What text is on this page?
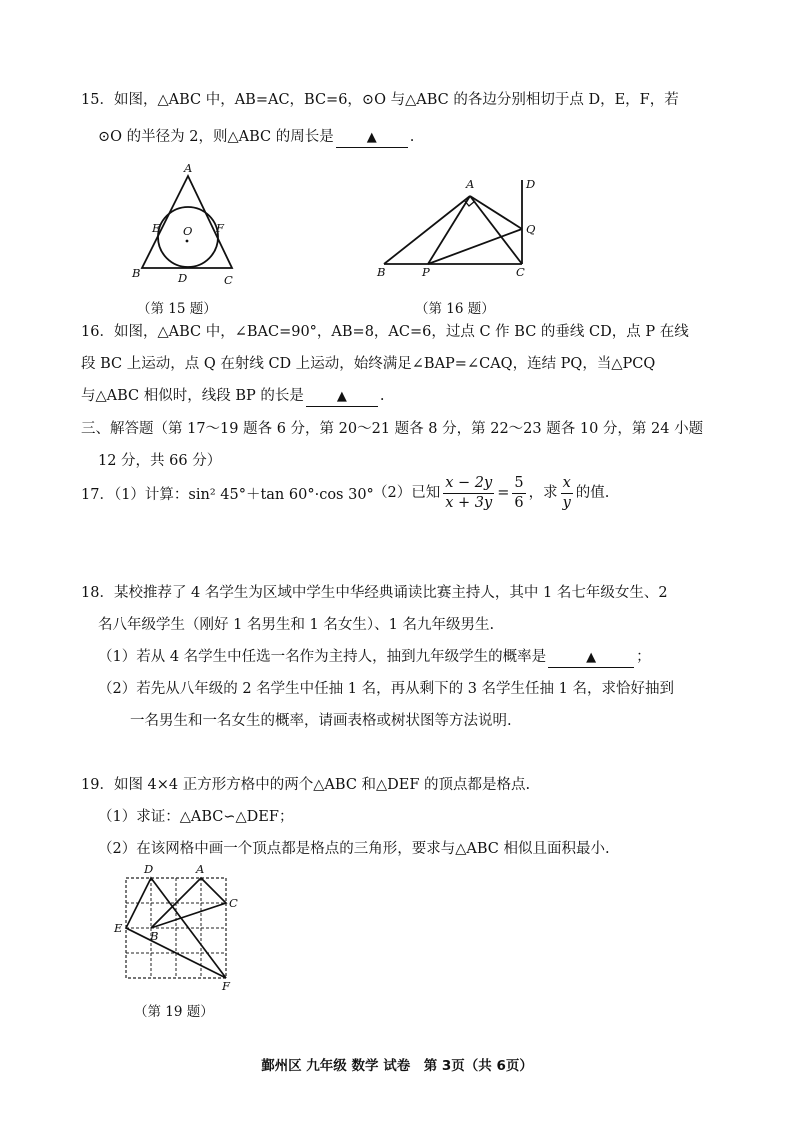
15．如图，△ABC 中，AB=AC，BC=6，⊙O 与△ABC 的各边分别相切于点 D，E，F，若
⊙O 的半径为 2，则△ABC 的周长是	▲ .
A
B	C
D
E	F
O
（第 15 题）
A
B	C
D
P
Q
（第 16 题）
16．如图，△ABC 中，∠BAC=90°，AB=8，AC=6，过点 C 作 BC 的垂线 CD，点 P 在线
段 BC 上运动，点 Q 在射线 CD 上运动，始终满足∠BAP=∠CAQ，连结 PQ，当△PCQ
与△ABC 相似时，线段 BP 的长是	▲ .
三、解答题（第 17～19 题各 6 分，第 20～21 题各 8 分，第 22～23 题各 10 分，第 24 小题
12 分，共 66 分）
17．（1）计算：sin² 45°＋tan 60°·cos 30° （2）已知 $\frac{x - 2y}{x + 3y} = \frac{5}{6}$ ，求 $\frac{x}{y}$ 的值.
18．某校推荐了 4 名学生为区域中学生中华经典诵读比赛主持人，其中 1 名七年级女生、2
名八年级学生（刚好 1 名男生和 1 名女生）、1 名九年级男生.
（1）若从 4 名学生中任选一名作为主持人，抽到九年级学生的概率是	▲	；
（2）若先从八年级的 2 名学生中任抽 1 名，再从剩下的 3 名学生任抽 1 名，求恰好抽到
一名男生和一名女生的概率，请画表格或树状图等方法说明.
19．如图 4×4 正方形方格中的两个△ABC 和△DEF 的顶点都是格点.
（1）求证：△ABC∽△DEF；
（2）在该网格中画一个顶点都是格点的三角形，要求与△ABC 相似且面积最小.
A
B
C
D
E
F
（第 19 题）
鄞州区 九年级 数学 试卷　第 3页（共 6页）
